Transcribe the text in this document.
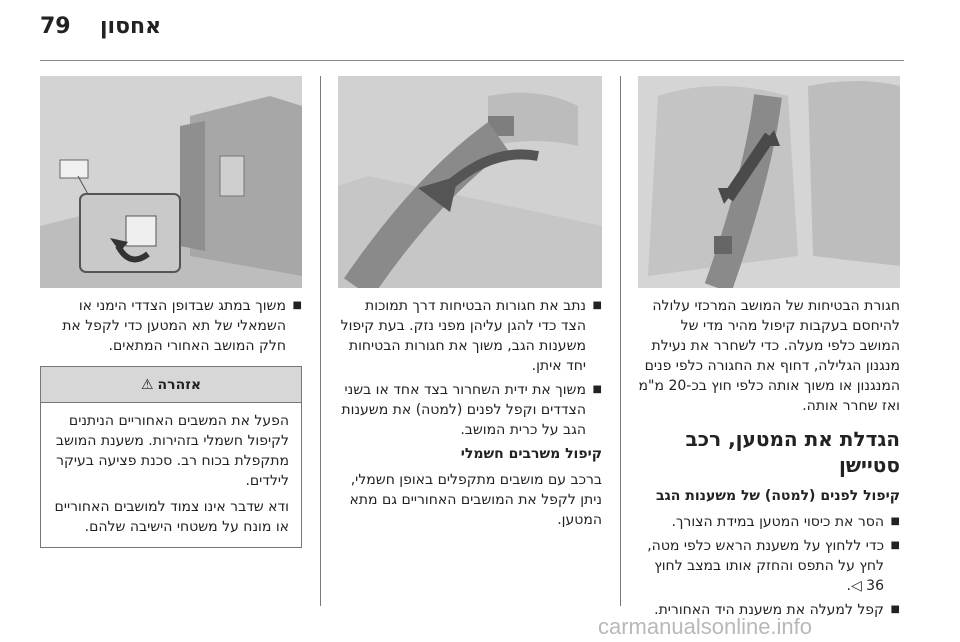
79 אחסון

חגורת הבטיחות של המושב המרכזי עלולה להיחסם בעקבות קיפול מהיר מדי של המושב כלפי מעלה. כדי לשחרר את נעילת מנגנון הגלילה, דחוף את החגורה כלפי פנים המנגנון או משוך אותה כלפי חוץ בכ-20 מ"מ ואז שחרר אותה.

הגדלת את המטען, רכב סטיישן
קיפול לפנים (למטה) של משענות הגב
■ הסר את כיסוי המטען במידת הצורך.
■ כדי ללחוץ על משענת הראש כלפי מטה, לחץ על התפס והחזק אותו במצב לחוץ 36 ◁.
■ קפל למעלה את משענת היד האחורית.
■ נתב את חגורות הבטיחות דרך תמוכות הצד כדי להגן עליהן מפני נזק. בעת קיפול משענות הגב, משוך את חגורות הבטיחות יחד איתן.
■ משוך את ידית השחרור בצד אחד או בשני הצדדים וקפל לפנים (למטה) את משענות הגב על כרית המושב.
קיפול משרבים חשמלי

ברכב עם מושבים מתקפלים באופן חשמלי, ניתן לקפל את המושבים האחוריים גם מתא המטען.

■ משוך במתג שבדופן הצדדי הימני או השמאלי של תא המטען כדי לקפל את חלק המושב האחורי המתאים.
אזהרה
⚠

הפעל את המשבים האחוריים הניתנים לקיפול חשמלי בזהירות. משענת המושב מתקפלת בכוח רב. סכנת פציעה בעיקר לילדים.

ודא שדבר אינו צמוד למושבים האחוריים או מונח על משטחי הישיבה שלהם.

carmanualsonline.info
